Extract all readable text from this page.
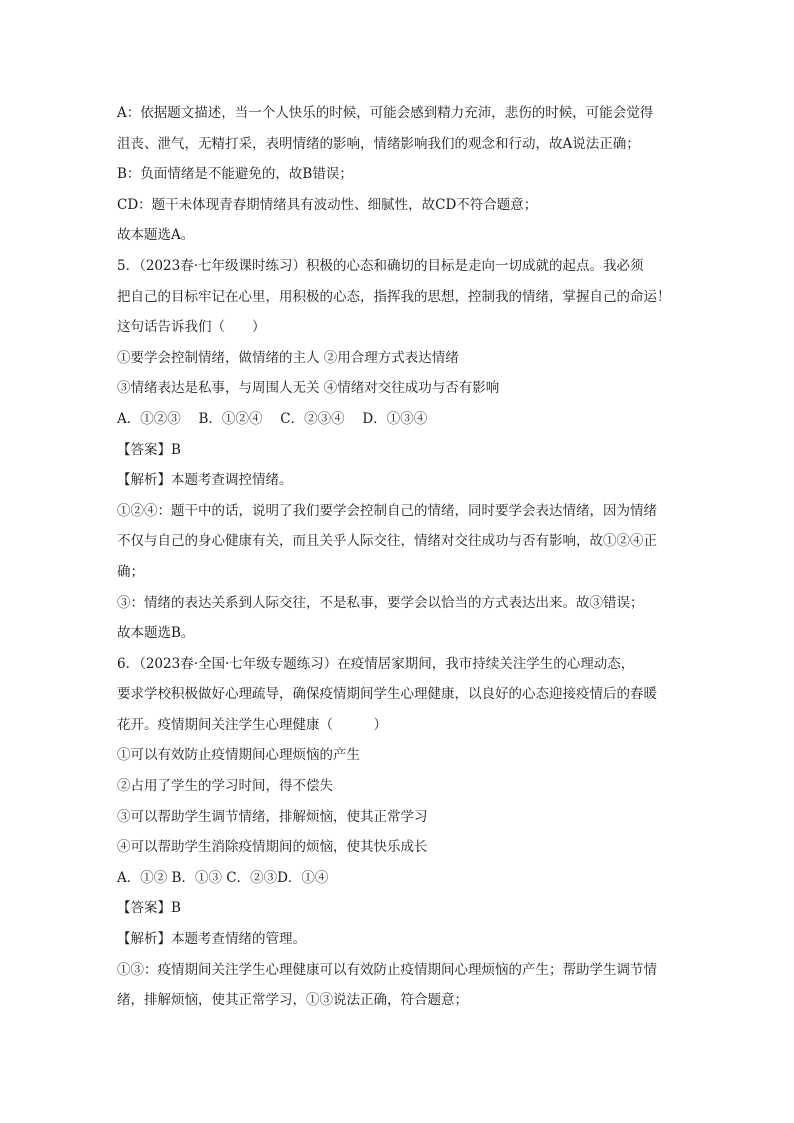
A：依据题文描述，当一个人快乐的时候，可能会感到精力充沛，悲伤的时候，可能会觉得
沮丧、泄气，无精打采，表明情绪的影响，情绪影响我们的观念和行动，故A说法正确；
B：负面情绪是不能避免的，故B错误；
CD：题干未体现青春期情绪具有波动性、细腻性，故CD不符合题意；
故本题选A。
5．（2023春·七年级课时练习）积极的心态和确切的目标是走向一切成就的起点。我必须
把自己的目标牢记在心里，用积极的心态，指挥我的思想，控制我的情绪，掌握自己的命运！
这句话告诉我们（　　）
①要学会控制情绪，做情绪的主人 ②用合理方式表达情绪
③情绪表达是私事，与周围人无关 ④情绪对交往成功与否有影响
A．①②③　 B．①②④　 C．②③④　 D．①③④
【答案】B
【解析】本题考查调控情绪。
①②④：题干中的话，说明了我们要学会控制自己的情绪，同时要学会表达情绪，因为情绪
不仅与自己的身心健康有关，而且关乎人际交往，情绪对交往成功与否有影响，故①②④正
确；
③：情绪的表达关系到人际交往，不是私事，要学会以恰当的方式表达出来。故③错误；
故本题选B。
6．（2023春·全国·七年级专题练习）在疫情居家期间，我市持续关注学生的心理动态，
要求学校积极做好心理疏导，确保疫情期间学生心理健康，以良好的心态迎接疫情后的春暖
花开。疫情期间关注学生心理健康（　　　）
①可以有效防止疫情期间心理烦恼的产生
②占用了学生的学习时间，得不偿失
③可以帮助学生调节情绪，排解烦恼，使其正常学习
④可以帮助学生消除疫情期间的烦恼，使其快乐成长
A．①② B．①③ C．②③D．①④
【答案】B
【解析】本题考查情绪的管理。
①③：疫情期间关注学生心理健康可以有效防止疫情期间心理烦恼的产生；帮助学生调节情
绪，排解烦恼，使其正常学习，①③说法正确，符合题意；
